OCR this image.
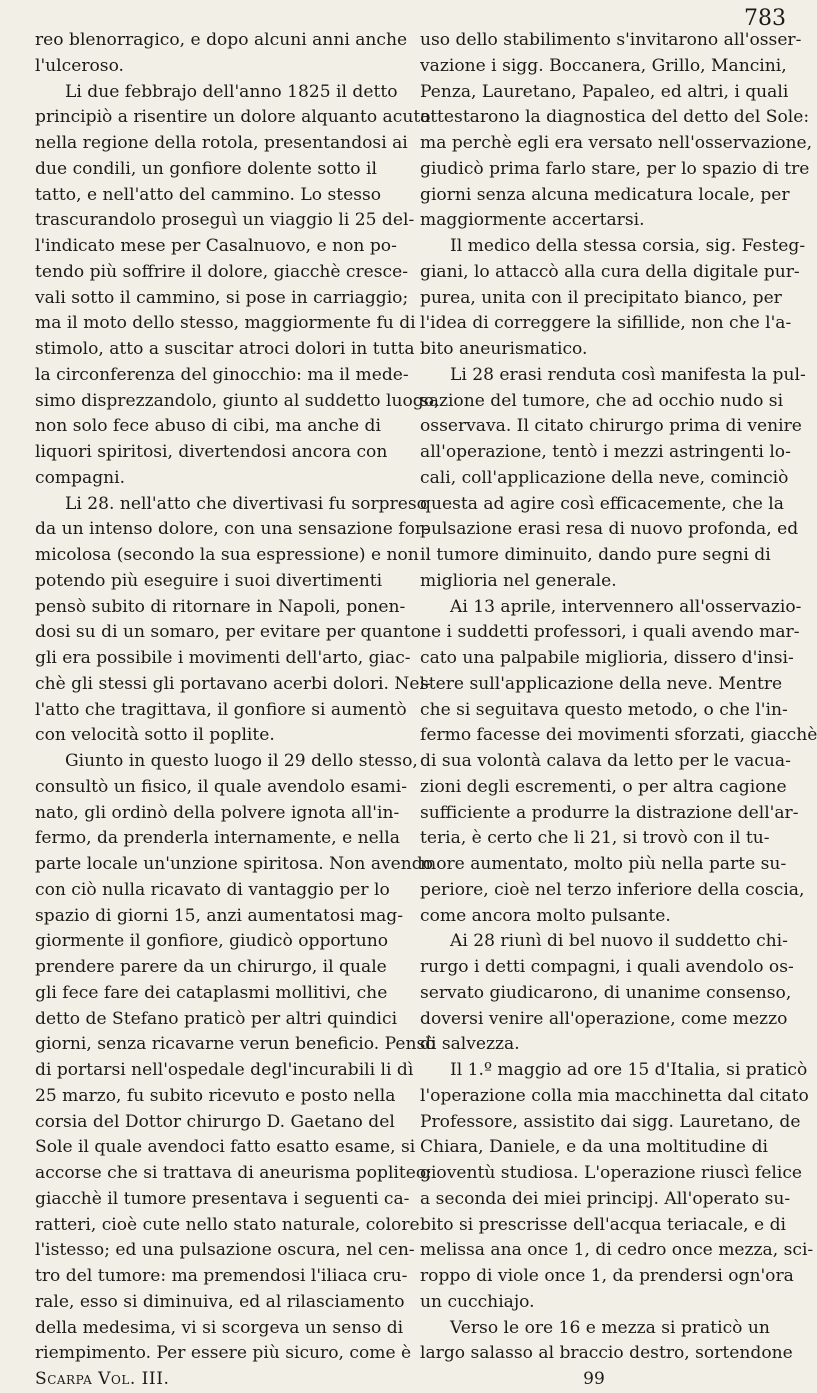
783
reo blenorragico, e dopo alcuni anni anche
l'ulceroso.
Li due febbrajo dell'anno 1825 il detto
principiò a risentire un dolore alquanto acuto
nella regione della rotola, presentandosi ai
due condili, un gonfiore dolente sotto il
tatto, e nell'atto del cammino. Lo stesso
trascurandolo proseguì un viaggio li 25 del-
l'indicato mese per Casalnuovo, e non po-
tendo più soffrire il dolore, giacchè cresce-
vali sotto il cammino, si pose in carriaggio;
ma il moto dello stesso, maggiormente fu di
stimolo, atto a suscitar atroci dolori in tutta
la circonferenza del ginocchio: ma il mede-
simo disprezzandolo, giunto al suddetto luogo,
non solo fece abuso di cibi, ma anche di
liquori spiritosi, divertendosi ancora con
compagni.
Li 28. nell'atto che divertivasi fu sorpreso
da un intenso dolore, con una sensazione for-
micolosa (secondo la sua espressione) e non
potendo più eseguire i suoi divertimenti
pensò subito di ritornare in Napoli, ponen-
dosi su di un somaro, per evitare per quanto
gli era possibile i movimenti dell'arto, giac-
chè gli stessi gli portavano acerbi dolori. Nel-
l'atto che tragittava, il gonfiore si aumentò
con velocità sotto il poplite.
Giunto in questo luogo il 29 dello stesso,
consultò un fisico, il quale avendolo esami-
nato, gli ordinò della polvere ignota all'in-
fermo, da prenderla internamente, e nella
parte locale un'unzione spiritosa. Non avendo
con ciò nulla ricavato di vantaggio per lo
spazio di giorni 15, anzi aumentatosi mag-
giormente il gonfiore, giudicò opportuno
prendere parere da un chirurgo, il quale
gli fece fare dei cataplasmi mollitivi, che
detto de Stefano praticò per altri quindici
giorni, senza ricavarne verun beneficio. Pensò
di portarsi nell'ospedale degl'incurabili li dì
25 marzo, fu subito ricevuto e posto nella
corsia del Dottor chirurgo D. Gaetano del
Sole il quale avendoci fatto esatto esame, si
accorse che si trattava di aneurisma popliteo;
giacchè il tumore presentava i seguenti ca-
ratteri, cioè cute nello stato naturale, colore
l'istesso; ed una pulsazione oscura, nel cen-
tro del tumore: ma premendosi l'iliaca cru-
rale, esso si diminuiva, ed al rilasciamento
della medesima, vi si scorgeva un senso di
riempimento. Per essere più sicuro, come è
Scarpa Vol. III.
uso dello stabilimento s'invitarono all'osser-
vazione i sigg. Boccanera, Grillo, Mancini,
Penza, Lauretano, Papaleo, ed altri, i quali
attestarono la diagnostica del detto del Sole:
ma perchè egli era versato nell'osservazione,
giudicò prima farlo stare, per lo spazio di tre
giorni senza alcuna medicatura locale, per
maggiormente accertarsi.
Il medico della stessa corsia, sig. Festeg-
giani, lo attaccò alla cura della digitale pur-
purea, unita con il precipitato bianco, per
l'idea di correggere la sifillide, non che l'a-
bito aneurismatico.
Li 28 erasi renduta così manifesta la pul-
sazione del tumore, che ad occhio nudo si
osservava. Il citato chirurgo prima di venire
all'operazione, tentò i mezzi astringenti lo-
cali, coll'applicazione della neve, cominciò
questa ad agire così efficacemente, che la
pulsazione erasi resa di nuovo profonda, ed
il tumore diminuito, dando pure segni di
miglioria nel generale.
Ai 13 aprile, intervennero all'osservazio-
ne i suddetti professori, i quali avendo mar-
cato una palpabile miglioria, dissero d'insi-
stere sull'applicazione della neve. Mentre
che si seguitava questo metodo, o che l'in-
fermo facesse dei movimenti sforzati, giacchè
di sua volontà calava da letto per le vacua-
zioni degli escrementi, o per altra cagione
sufficiente a produrre la distrazione dell'ar-
teria, è certo che li 21, si trovò con il tu-
more aumentato, molto più nella parte su-
periore, cioè nel terzo inferiore della coscia,
come ancora molto pulsante.
Ai 28 riunì di bel nuovo il suddetto chi-
rurgo i detti compagni, i quali avendolo os-
servato giudicarono, di unanime consenso,
doversi venire all'operazione, come mezzo
di salvezza.
Il 1.º maggio ad ore 15 d'Italia, si praticò
l'operazione colla mia macchinetta dal citato
Professore, assistito dai sigg. Lauretano, de
Chiara, Daniele, e da una moltitudine di
gioventù studiosa. L'operazione riuscì felice
a seconda dei miei principj. All'operato su-
bito si prescrisse dell'acqua teriacale, e di
melissa ana once 1, di cedro once mezza, sci-
roppo di viole once 1, da prendersi ogn'ora
un cucchiajo.
Verso le ore 16 e mezza si praticò un
largo salasso al braccio destro, sortendone
99
